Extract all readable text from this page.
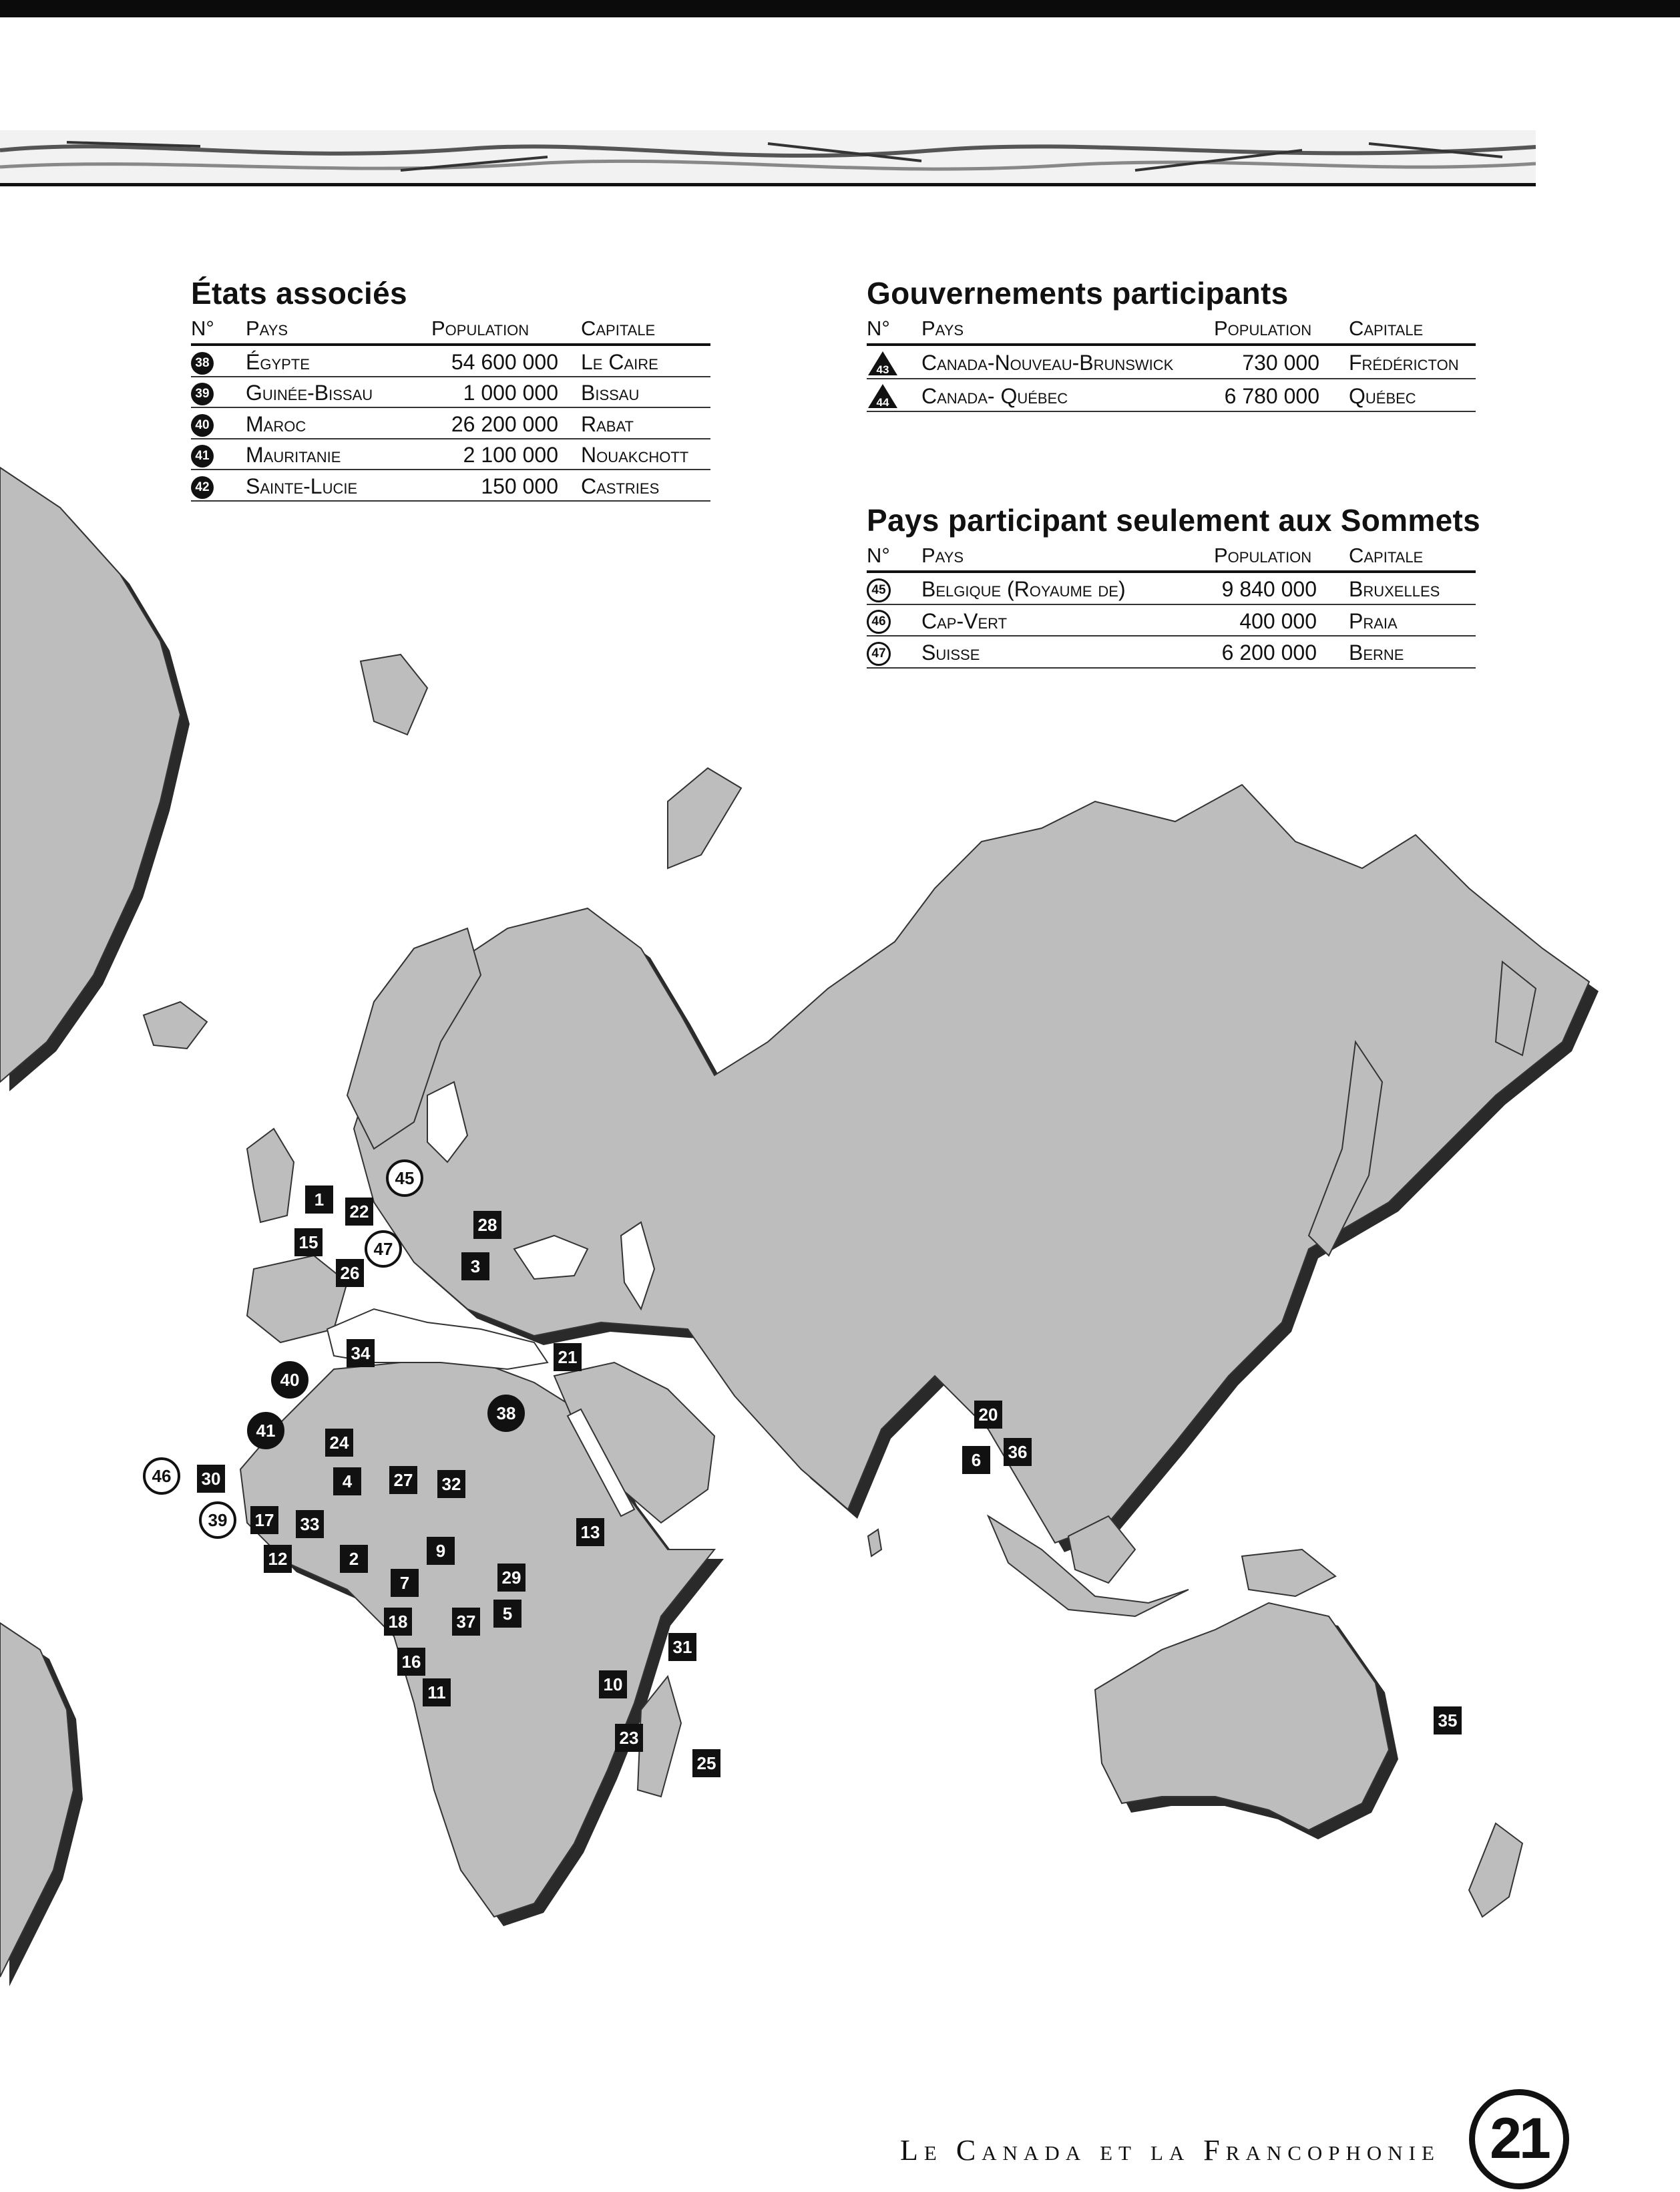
1
22
15
28
3
26
34	21
24
4 27 32
30
17 33
12	2	9
7	29
18	37 5
16
11
13
10
31
23
25
20
6 36
35
45
47
40
38
41
46
39
États associés
N°	Pays	Population		Capitale
38	Égypte	54 600 000		Le Caire
39	Guinée-Bissau	1 000 000		Bissau
40	Maroc	26 200 000		Rabat
41	Mauritanie	2 100 000		Nouakchott
42	Sainte-Lucie	150 000		Castries
Gouvernements participants
N°	Pays	Population		Capitale

43	Canada-Nouveau-Brunswick	730 000		Frédéricton

44	Canada- Québec	6 780 000		Québec
Pays participant seulement aux Sommets
N°	Pays	Population		Capitale
45	Belgique (Royaume de)	9 840 000		Bruxelles
46	Cap-Vert	400 000		Praia
47	Suisse	6 200 000		Berne
Le Canada et la Francophonie 21
